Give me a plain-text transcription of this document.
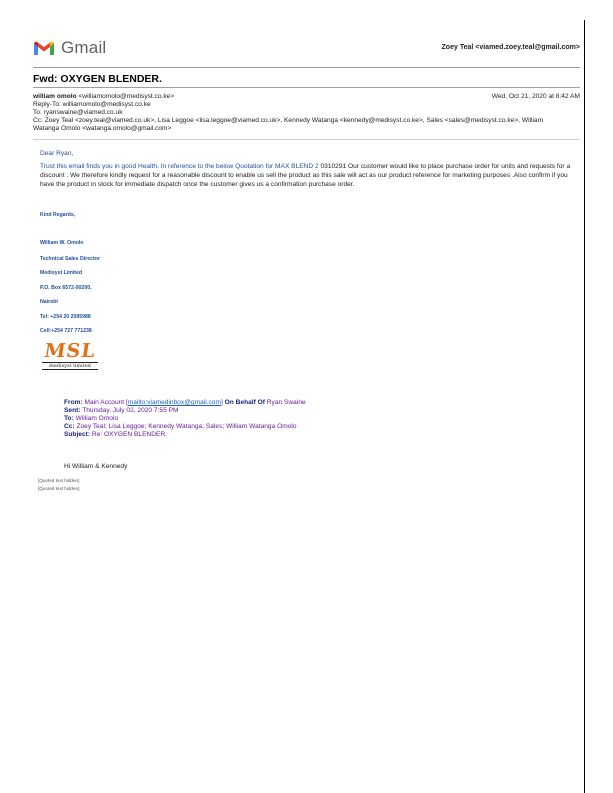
Gmail	Zoey Teal <viamed.zoey.teal@gmail.com>
Fwd: OXYGEN BLENDER.
william omolo <williamomolo@medisyst.co.ke>	Wed, Oct 21, 2020 at 8:42 AM
Reply-To: williamomolo@medisyst.co.ke
To: ryanswaine@viamed.co.uk
Cc: Zoey Teal <zoey.teal@viamed.co.uk>, Lisa Leggoe <lisa.leggoe@viamed.co.uk>, Kennedy Watanga <kennedy@medisyst.co.ke>, Sales <sales@medisyst.co.ke>, William
Watanga Omolo <watanga.omolo@gmail.com>
Dear Ryan,
Trust this email finds you in good Health. In reference to the below Quotation for MAX BLEND 2 0310291 Our customer would like to place purchase order for units and requests for a discount . We therefore kindly request for a reasonable discount to enable us sell the product as this sale will act as our product reference for marketing purposes .Also confirm if you have the product in stock for immediate dispatch once the customer gives us a confirmation purchase order.
Kind Regards,
William W. Omolo
Technical Sales Director
Medisyst Limited
P.O. Box 6572-00200,
Nairobi
Tel: +254 20 2095988
Cell:+254 727 771238
MSL
medisyst limited
From: Main Account [mailto:viamedinbox@gmail.com] On Behalf Of Ryan Swaine
Sent: Thursday, July 02, 2020 7:55 PM
To: William Omolo
Cc: Zoey Teal; Lisa Leggoe; Kennedy Watanga; Sales; William Watanga Omolo
Subject: Re: OXYGEN BLENDER.
Hi William & Kennedy
[Quoted text hidden]
[Quoted text hidden]
